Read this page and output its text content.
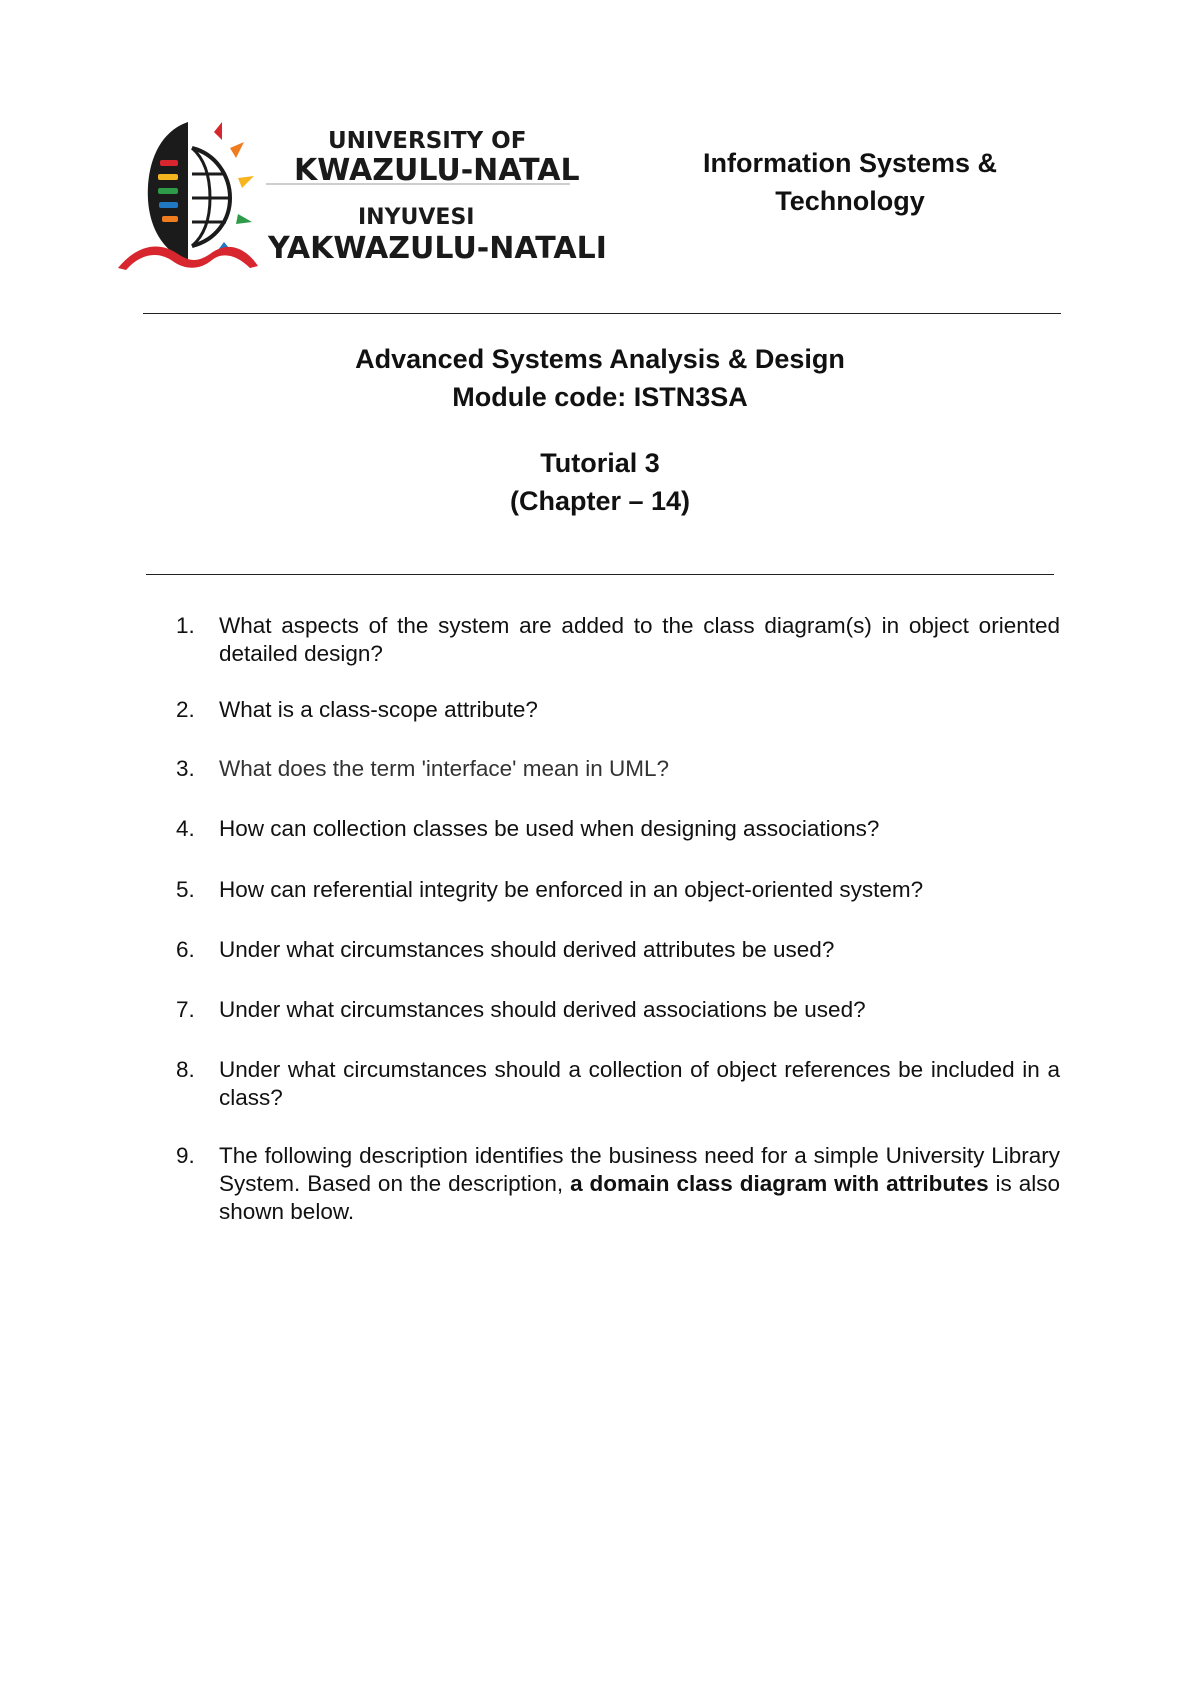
UNIVERSITY OF
KWAZULU-NATAL
INYUVESI
YAKWAZULU-NATALI
Information Systems &
Technology
Advanced Systems Analysis & Design
Module code: ISTN3SA
Tutorial 3
(Chapter – 14)
1.	What aspects of the system are added to the class diagram(s) in object oriented detailed design?
2.	What is a class-scope attribute?
3.	What does the term 'interface' mean in UML?
4.	How can collection classes be used when designing associations?
5.	How can referential integrity be enforced in an object-oriented system?
6.	Under what circumstances should derived attributes be used?
7.	Under what circumstances should derived associations be used?
8.	Under what circumstances should a collection of object references be included in a class?
9.	The following description identifies the business need for a simple University Library System. Based on the description, a domain class diagram with attributes is also shown below.
